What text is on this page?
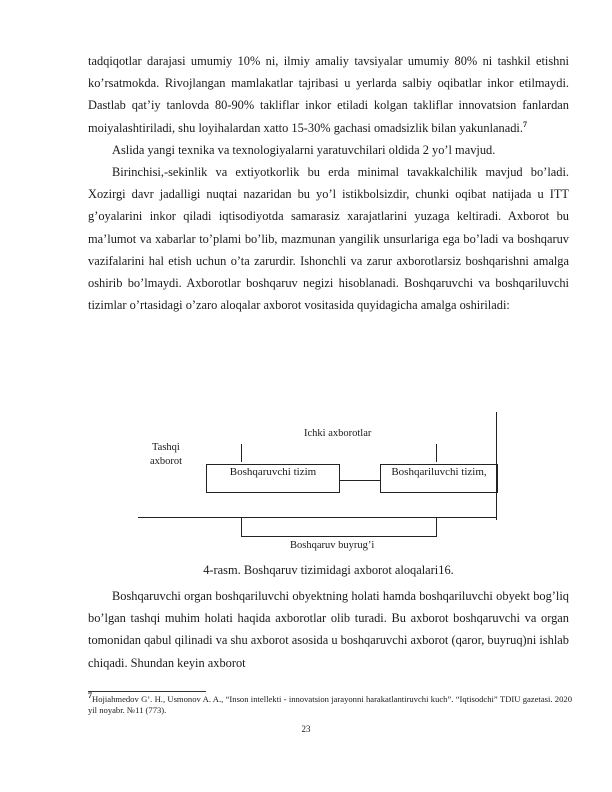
tadqiqotlar darajasi umumiy 10% ni, ilmiy amaliy tavsiyalar umumiy 80% ni tashkil etishni ko’rsatmokda. Rivojlangan mamlakatlar tajribasi u yerlarda salbiy oqibatlar inkor etilmaydi. Dastlab qat’iy tanlovda 80-90% takliflar inkor etiladi kolgan takliflar innovatsion fanlardan moiyalashtiriladi, shu loyihalardan xatto 15-30% gachasi omadsizlik bilan yakunlanadi.$^7$

Aslida yangi texnika va texnologiyalarni yaratuvchilari oldida 2 yo’l mavjud.

Birinchisi,-sekinlik va extiyotkorlik bu erda minimal tavakkalchilik mavjud bo’ladi. Xozirgi davr jadalligi nuqtai nazaridan bu yo’l istikbolsizdir, chunki oqibat natijada u ITT g’oyalarini inkor qiladi iqtisodiyotda samarasiz xarajatlarini yuzaga keltiradi. Axborot bu ma’lumot va xabarlar to’plami bo’lib, mazmunan yangilik unsurlariga ega bo’ladi va boshqaruv vazifalarini hal etish uchun o’ta zarurdir. Ishonchli va zarur axborotlarsiz boshqarishni amalga oshirib bo’lmaydi. Axborotlar boshqaruv negizi hisoblanadi. Boshqaruvchi va boshqariluvchi tizimlar o’rtasidagi o’zaro aloqalar axborot vositasida quyidagicha amalga oshiriladi:

Ichki axborotlar
Tashqi
axborot
Boshqaruvchi tizim	Boshqariluvchi tizim,
Boshqaruv buyrug’i
4-rasm. Boshqaruv tizimidagi axborot aloqalari16.

Boshqaruvchi organ boshqariluvchi obyektning holati hamda boshqariluvchi obyekt bog’liq bo’lgan tashqi muhim holati haqida axborotlar olib turadi. Bu axborot boshqaruvchi va organ tomonidan qabul qilinadi va shu axborot asosida u boshqaruvchi axborot (qaror, buyruq)ni ishlab chiqadi. Shundan keyin axborot

$^7$Hojiahmedov G’. H., Usmonov A. A., “Inson intellekti - innovatsion jarayonni harakatlantiruvchi kuch”. “Iqtisodchi” TDIU gazetasi. 2020 yil noyabr. №11 (773).
23
